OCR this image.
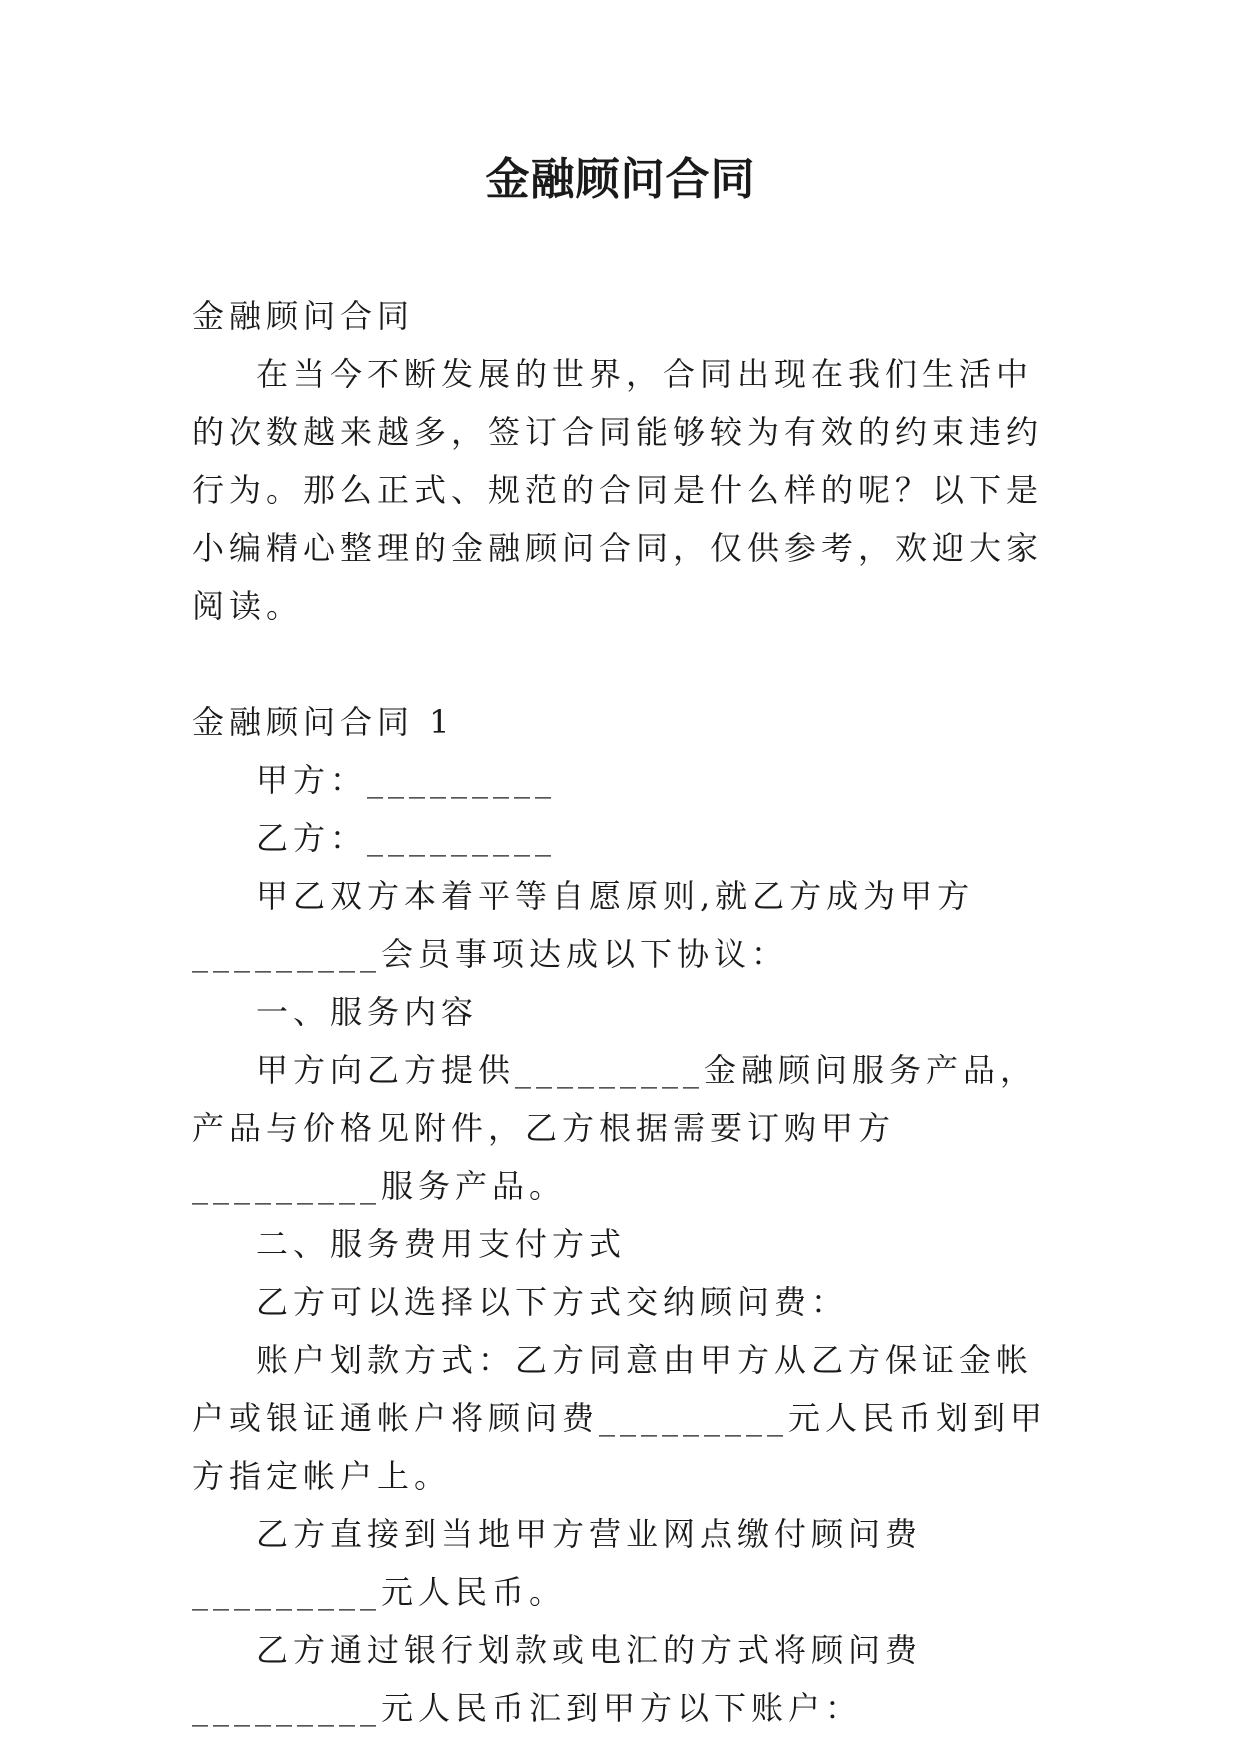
金融顾问合同

金融顾问合同

在当今不断发展的世界，合同出现在我们生活中的次数越来越多，签订合同能够较为有效的约束违约行为。那么正式、规范的合同是什么样的呢？以下是小编精心整理的金融顾问合同，仅供参考，欢迎大家阅读。

金融顾问合同 1

甲方：_________

乙方：_________

甲乙双方本着平等自愿原则,就乙方成为甲方_________会员事项达成以下协议：

一、服务内容

甲方向乙方提供_________金融顾问服务产品，产品与价格见附件，乙方根据需要订购甲方_________服务产品。

二、服务费用支付方式

乙方可以选择以下方式交纳顾问费：

账户划款方式：乙方同意由甲方从乙方保证金帐户或银证通帐户将顾问费_________元人民币划到甲方指定帐户上。

乙方直接到当地甲方营业网点缴付顾问费_________元人民币。

乙方通过银行划款或电汇的方式将顾问费_________元人民币汇到甲方以下账户：
